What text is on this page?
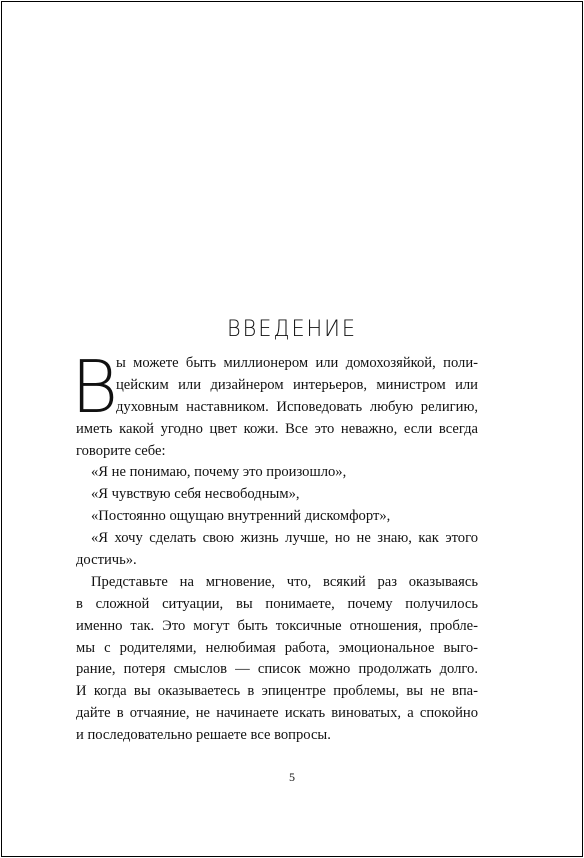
ВВЕДЕНИЕ
В
ы можете быть миллионером или домохозяйкой, поли-
цейским или дизайнером интерьеров, министром или
духовным наставником. Исповедовать любую религию,
иметь какой угодно цвет кожи. Все это неважно, если всегда
говорите себе:
«Я не понимаю, почему это произошло»,
«Я чувствую себя несвободным»,
«Постоянно ощущаю внутренний дискомфорт»,
«Я хочу сделать свою жизнь лучше, но не знаю, как этого
достичь».
Представьте на мгновение, что, всякий раз оказываясь
в сложной ситуации, вы понимаете, почему получилось
именно так. Это могут быть токсичные отношения, пробле-
мы с родителями, нелюбимая работа, эмоциональное выго-
рание, потеря смыслов — список можно продолжать долго.
И когда вы оказываетесь в эпицентре проблемы, вы не впа-
дайте в отчаяние, не начинаете искать виноватых, а спокойно
и последовательно решаете все вопросы.
5
